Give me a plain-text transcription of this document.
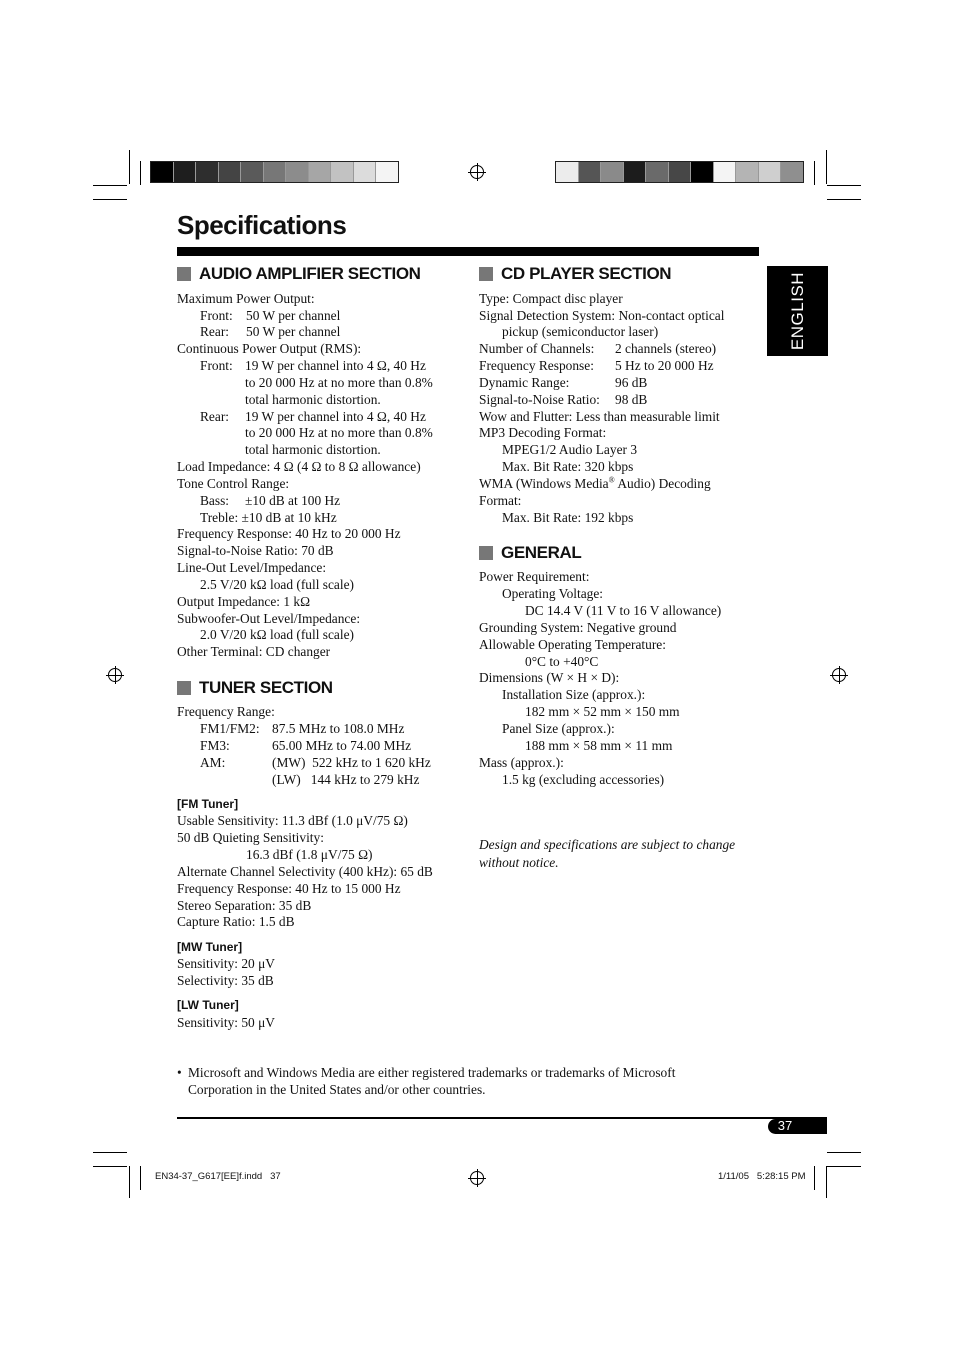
Specifications
ENGLISH
AUDIO AMPLIFIER SECTION
Maximum Power Output:
Front: 50 W per channel
Rear: 50 W per channel
Continuous Power Output (RMS):
Front: 19 W per channel into 4 Ω, 40 Hz
to 20 000 Hz at no more than 0.8%
total harmonic distortion.
Rear: 19 W per channel into 4 Ω, 40 Hz
to 20 000 Hz at no more than 0.8%
total harmonic distortion.
Load Impedance: 4 Ω (4 Ω to 8 Ω allowance)
Tone Control Range:
Bass: ±10 dB at 100 Hz
Treble: ±10 dB at 10 kHz
Frequency Response: 40 Hz to 20 000 Hz
Signal-to-Noise Ratio: 70 dB
Line-Out Level/Impedance:
2.5 V/20 kΩ load (full scale)
Output Impedance: 1 kΩ
Subwoofer-Out Level/Impedance:
2.0 V/20 kΩ load (full scale)
Other Terminal: CD changer
TUNER SECTION
Frequency Range:
FM1/FM2: 87.5 MHz to 108.0 MHz
FM3:	65.00 MHz to 74.00 MHz
AM:	(MW)  522 kHz to 1 620 kHz
(LW)   144 kHz to 279 kHz
[FM Tuner]
Usable Sensitivity: 11.3 dBf (1.0 μV/75 Ω)
50 dB Quieting Sensitivity:
16.3 dBf (1.8 μV/75 Ω)
Alternate Channel Selectivity (400 kHz): 65 dB
Frequency Response: 40 Hz to 15 000 Hz
Stereo Separation: 35 dB
Capture Ratio: 1.5 dB
[MW Tuner]
Sensitivity: 20 μV
Selectivity: 35 dB
[LW Tuner]
Sensitivity: 50 μV
CD PLAYER SECTION
Type: Compact disc player
Signal Detection System: Non-contact optical
pickup (semiconductor laser)
Number of Channels: 2 channels (stereo)
Frequency Response: 5 Hz to 20 000 Hz
Dynamic Range:	96 dB
Signal-to-Noise Ratio: 98 dB
Wow and Flutter: Less than measurable limit
MP3 Decoding Format:
MPEG1/2 Audio Layer 3
Max. Bit Rate: 320 kbps
WMA (Windows Media® Audio) Decoding
Format:
Max. Bit Rate: 192 kbps
GENERAL
Power Requirement:
Operating Voltage:
DC 14.4 V (11 V to 16 V allowance)
Grounding System: Negative ground
Allowable Operating Temperature:
0°C to +40°C
Dimensions (W × H × D):
Installation Size (approx.):
182 mm × 52 mm × 150 mm
Panel Size (approx.):
188 mm × 58 mm × 11 mm
Mass (approx.):
1.5 kg (excluding accessories)
Design and specifications are subject to change
without notice.
• Microsoft and Windows Media are either registered trademarks or trademarks of Microsoft
Corporation in the United States and/or other countries.
37
EN34-37_G617[EE]f.indd   37	1/11/05   5:28:15 PM
